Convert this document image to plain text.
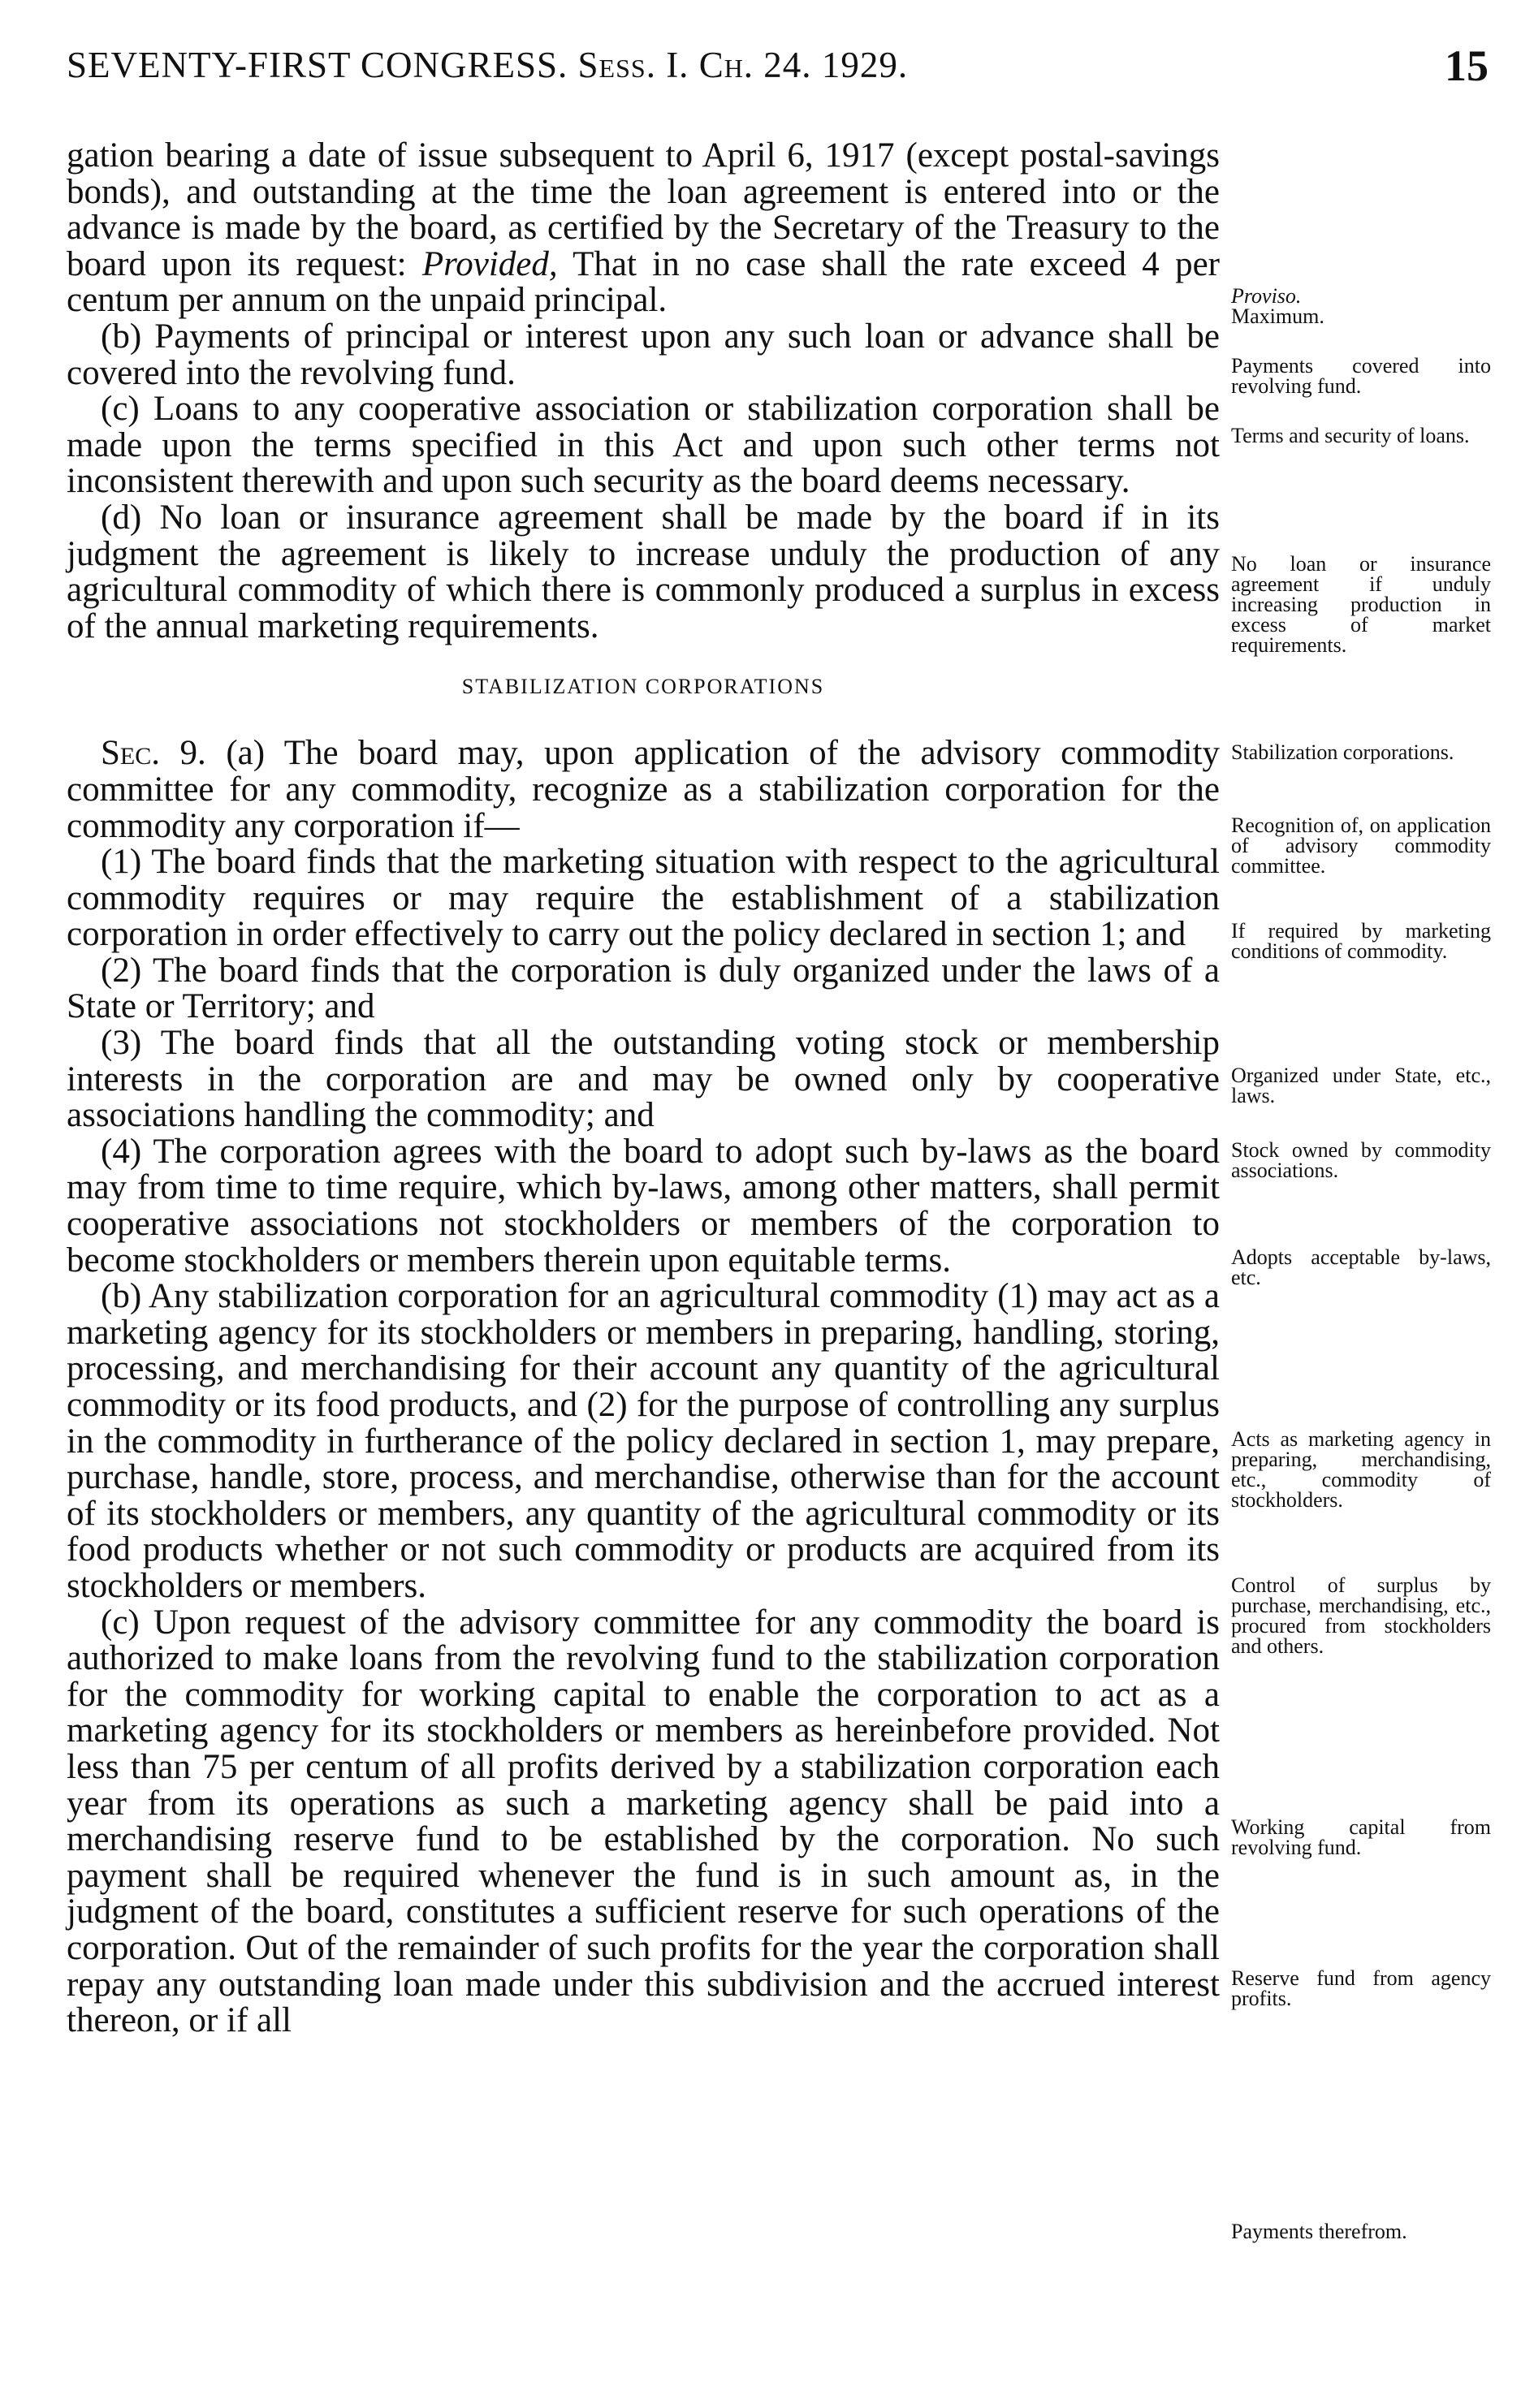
SEVENTY-FIRST CONGRESS. Sess. I. Ch. 24. 1929.	15

gation bearing a date of issue subsequent to April 6, 1917 (except postal-savings bonds), and outstanding at the time the loan agreement is entered into or the advance is made by the board, as certified by the Secretary of the Treasury to the board upon its request: Provided, That in no case shall the rate exceed 4 per centum per annum on the unpaid principal.

(b) Payments of principal or interest upon any such loan or advance shall be covered into the revolving fund.

(c) Loans to any cooperative association or stabilization corporation shall be made upon the terms specified in this Act and upon such other terms not inconsistent therewith and upon such security as the board deems necessary.

(d) No loan or insurance agreement shall be made by the board if in its judgment the agreement is likely to increase unduly the production of any agricultural commodity of which there is commonly produced a surplus in excess of the annual marketing requirements.

STABILIZATION CORPORATIONS

Sec. 9. (a) The board may, upon application of the advisory commodity committee for any commodity, recognize as a stabilization corporation for the commodity any corporation if—

(1) The board finds that the marketing situation with respect to the agricultural commodity requires or may require the establishment of a stabilization corporation in order effectively to carry out the policy declared in section 1; and

(2) The board finds that the corporation is duly organized under the laws of a State or Territory; and

(3) The board finds that all the outstanding voting stock or membership interests in the corporation are and may be owned only by cooperative associations handling the commodity; and

(4) The corporation agrees with the board to adopt such by-laws as the board may from time to time require, which by-laws, among other matters, shall permit cooperative associations not stockholders or members of the corporation to become stockholders or members therein upon equitable terms.

(b) Any stabilization corporation for an agricultural commodity (1) may act as a marketing agency for its stockholders or members in preparing, handling, storing, processing, and merchandising for their account any quantity of the agricultural commodity or its food products, and (2) for the purpose of controlling any surplus in the commodity in furtherance of the policy declared in section 1, may prepare, purchase, handle, store, process, and merchandise, otherwise than for the account of its stockholders or members, any quantity of the agricultural commodity or its food products whether or not such commodity or products are acquired from its stockholders or members.

(c) Upon request of the advisory committee for any commodity the board is authorized to make loans from the revolving fund to the stabilization corporation for the commodity for working capital to enable the corporation to act as a marketing agency for its stockholders or members as hereinbefore provided. Not less than 75 per centum of all profits derived by a stabilization corporation each year from its operations as such a marketing agency shall be paid into a merchandising reserve fund to be established by the corporation. No such payment shall be required whenever the fund is in such amount as, in the judgment of the board, constitutes a sufficient reserve for such operations of the corporation. Out of the remainder of such profits for the year the corporation shall repay any outstanding loan made under this subdivision and the accrued interest thereon, or if all

Proviso.
Maximum.
Payments covered into revolving fund.
Terms and security of loans.
No loan or insurance agreement if unduly increasing production in excess of market requirements.
Stabilization corporations.
Recognition of, on application of advisory commodity committee.
If required by marketing conditions of commodity.
Organized under State, etc., laws.
Stock owned by commodity associations.
Adopts acceptable by-laws, etc.
Acts as marketing agency in preparing, merchandising, etc., commodity of stockholders.
Control of surplus by purchase, merchandising, etc., procured from stockholders and others.
Working capital from revolving fund.
Reserve fund from agency profits.
Payments therefrom.
